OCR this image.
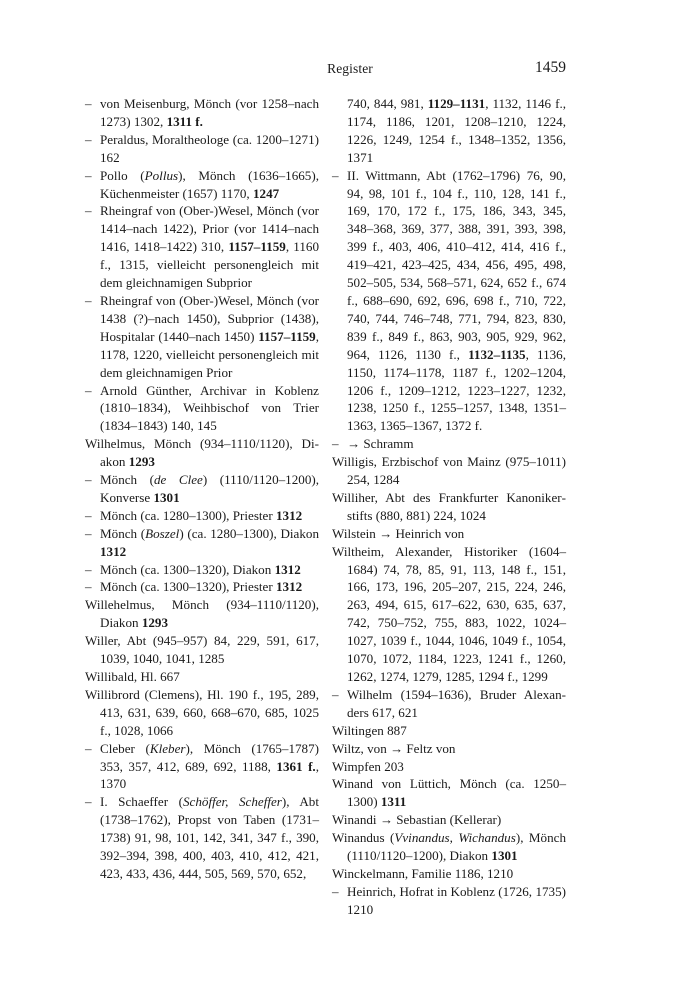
Register	1459
– von Meisenburg, Mönch (vor 1258–nach 1273) 1302, 1311 f.
– Peraldus, Moraltheologe (ca. 1200–1271) 162
– Pollo (Pollus), Mönch (1636–1665), Küchenmeister (1657) 1170, 1247
– Rheingraf von (Ober-)Wesel, Mönch (vor 1414–nach 1422), Prior (vor 1414–nach 1416, 1418–1422) 310, 1157–1159, 1160 f., 1315, vielleicht personengleich mit dem gleichnamigen Subprior
– Rheingraf von (Ober-)Wesel, Mönch (vor 1438 (?)–nach 1450), Subprior (1438), Hospitalar (1440–nach 1450) 1157–1159, 1178, 1220, vielleicht personengleich mit dem gleichnamigen Prior
– Arnold Günther, Archivar in Koblenz (1810–1834), Weihbischof von Trier (1834–1843) 140, 145
Wilhelmus, Mönch (934–1110/1120), Diakon 1293
– Mönch (de Clee) (1110/1120–1200), Konverse 1301
– Mönch (ca. 1280–1300), Priester 1312
– Mönch (Boszel) (ca. 1280–1300), Diakon 1312
– Mönch (ca. 1300–1320), Diakon 1312
– Mönch (ca. 1300–1320), Priester 1312
Willehelmus, Mönch (934–1110/1120), Diakon 1293
Willer, Abt (945–957) 84, 229, 591, 617, 1039, 1040, 1041, 1285
Willibald, Hl. 667
Willibrord (Clemens), Hl. 190 f., 195, 289, 413, 631, 639, 660, 668–670, 685, 1025 f., 1028, 1066
– Cleber (Kleber), Mönch (1765–1787) 353, 357, 412, 689, 692, 1188, 1361 f., 1370
– I. Schaeffer (Schöffer, Scheffer), Abt (1738–1762), Propst von Taben (1731–1738) 91, 98, 101, 142, 341, 347 f., 390, 392–394, 398, 400, 403, 410, 412, 421, 423, 433, 436, 444, 505, 569, 570, 652,
740, 844, 981, 1129–1131, 1132, 1146 f., 1174, 1186, 1201, 1208–1210, 1224, 1226, 1249, 1254 f., 1348–1352, 1356, 1371
– II. Wittmann, Abt (1762–1796) 76, 90, 94, 98, 101 f., 104 f., 110, 128, 141 f., 169, 170, 172 f., 175, 186, 343, 345, 348–368, 369, 377, 388, 391, 393, 398, 399 f., 403, 406, 410–412, 414, 416 f., 419–421, 423–425, 434, 456, 495, 498, 502–505, 534, 568–571, 624, 652 f., 674 f., 688–690, 692, 696, 698 f., 710, 722, 740, 744, 746–748, 771, 794, 823, 830, 839 f., 849 f., 863, 903, 905, 929, 962, 964, 1126, 1130 f., 1132–1135, 1136, 1150, 1174–1178, 1187 f., 1202–1204, 1206 f., 1209–1212, 1223–1227, 1232, 1238, 1250 f., 1255–1257, 1348, 1351–1363, 1365–1367, 1372 f.
– → Schramm
Willigis, Erzbischof von Mainz (975–1011) 254, 1284
Williher, Abt des Frankfurter Kanonikerstifts (880, 881) 224, 1024
Wilstein → Heinrich von
Wiltheim, Alexander, Historiker (1604–1684) 74, 78, 85, 91, 113, 148 f., 151, 166, 173, 196, 205–207, 215, 224, 246, 263, 494, 615, 617–622, 630, 635, 637, 742, 750–752, 755, 883, 1022, 1024–1027, 1039 f., 1044, 1046, 1049 f., 1054, 1070, 1072, 1184, 1223, 1241 f., 1260, 1262, 1274, 1279, 1285, 1294 f., 1299
– Wilhelm (1594–1636), Bruder Alexanders 617, 621
Wiltingen 887
Wiltz, von → Feltz von
Wimpfen 203
Winand von Lüttich, Mönch (ca. 1250–1300) 1311
Winandi → Sebastian (Kellerar)
Winandus (Vvinandus, Wichandus), Mönch (1110/1120–1200), Diakon 1301
Winckelmann, Familie 1186, 1210
– Heinrich, Hofrat in Koblenz (1726, 1735) 1210
